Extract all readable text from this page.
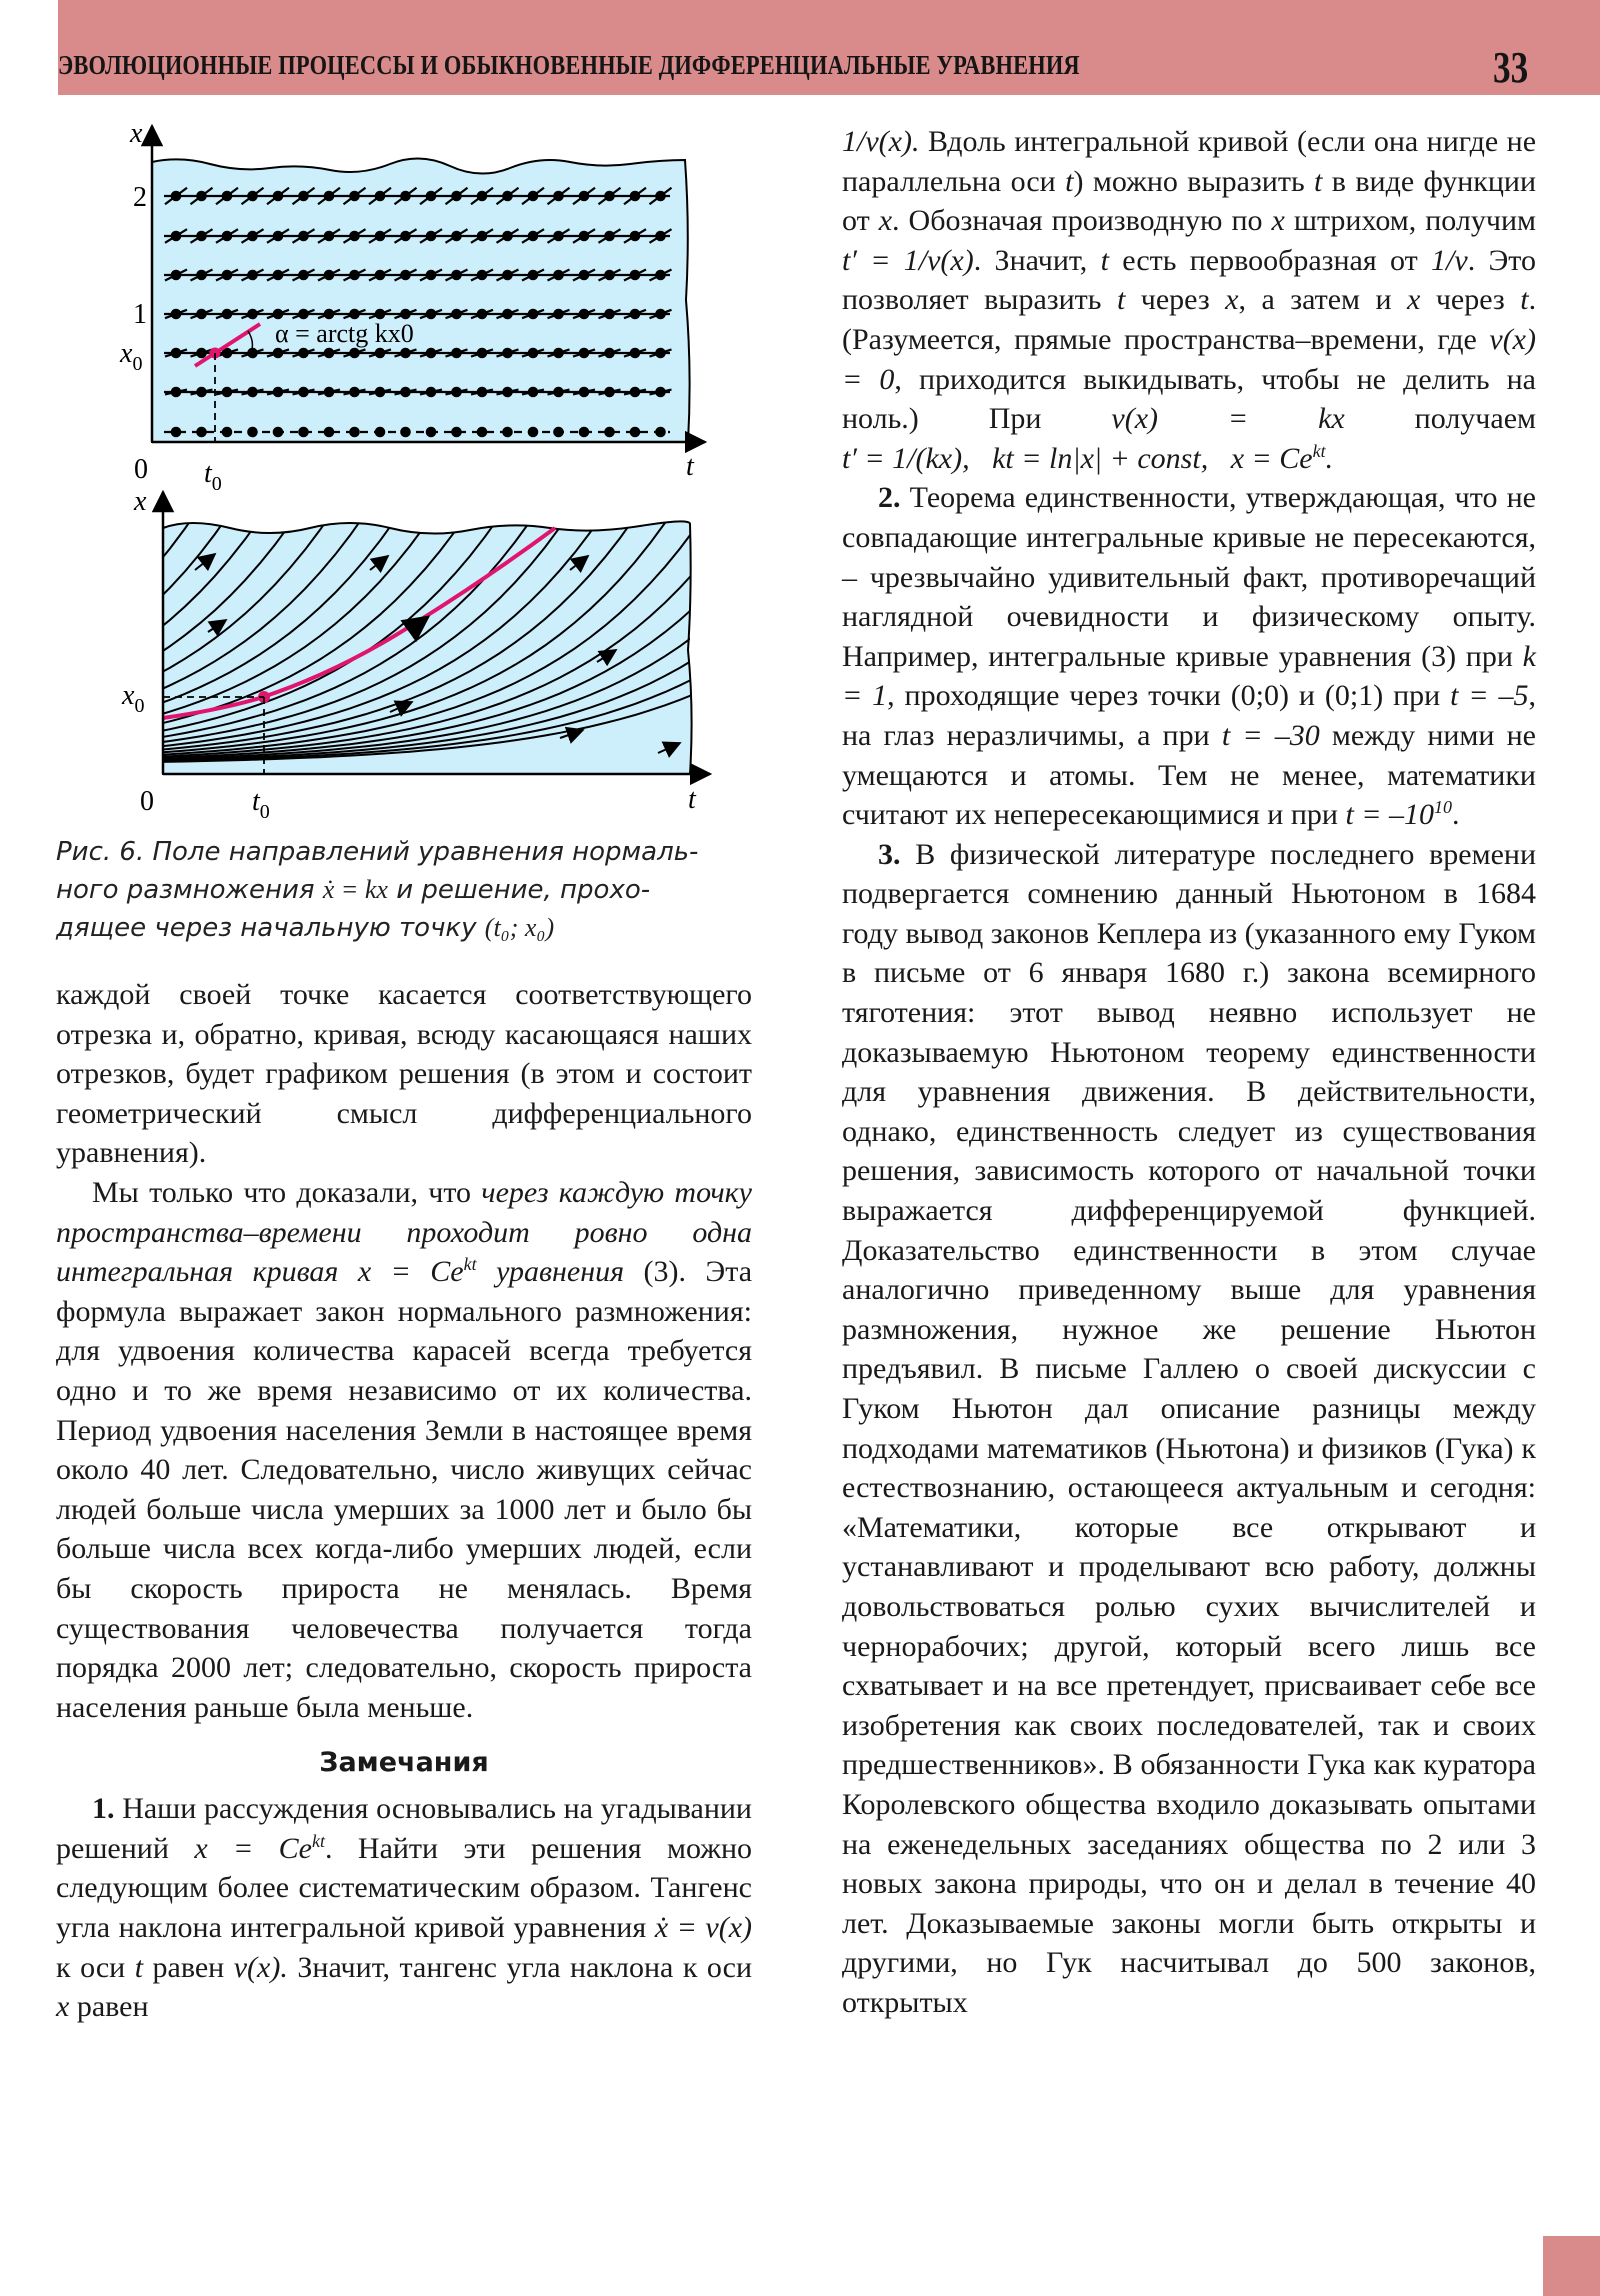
ЭВОЛЮЦИОННЫЕ ПРОЦЕССЫ И ОБЫКНОВЕННЫЕ ДИФФЕРЕНЦИАЛЬНЫЕ УРАВНЕНИЯ	33
α = arctg kx0
x
t
2
1
$x_0$
0 $t_0$
x
t
$x_0$
0	$t_0$
Рис. 6. Поле направлений уравнения нормаль-
ного размножения ẋ = kx и решение, прохо-
дящее через начальную точку (t₀; x₀)

каждой своей точке касается соответствующего отрезка и, обратно, кривая, всюду касающаяся наших отрезков, будет графиком решения (в этом и состоит геометрический смысл дифференциального уравнения).

Мы только что доказали, что через каждую точку пространства–времени проходит ровно одна интегральная кривая $x = Ce^{kt}$ уравнения (3). Эта формула выражает закон нормального размножения: для удвоения количества карасей всегда требуется одно и то же время независимо от их количества. Период удвоения населения Земли в настоящее время около 40 лет. Следовательно, число живущих сейчас людей больше числа умерших за 1000 лет и было бы больше числа всех когда-либо умерших людей, если бы скорость прироста не менялась. Время существования человечества получается тогда порядка 2000 лет; следовательно, скорость прироста населения раньше была меньше.

Замечания

1. Наши рассуждения основывались на угадывании решений $x = Ce^{kt}$. Найти эти решения можно следующим более систематическим образом. Тангенс угла наклона интегральной кривой уравнения ẋ = v(x) к оси t равен v(x). Значит, тангенс угла наклона к оси x равен

1/v(x). Вдоль интегральной кривой (если она нигде не параллельна оси t) можно выразить t в виде функции от x. Обозначая производную по x штрихом, получим t′ = 1/v(x). Значит, t есть первообразная от 1/v. Это позволяет выразить t через x, а затем и x через t. (Разумеется, прямые пространства–времени, где v(x) = 0, приходится выкидывать, чтобы не делить на ноль.) При v(x) = kx получаем t′ = 1/(kx),   kt = ln|x| + const,   $x = Ce^{kt}$.

2. Теорема единственности, утверждающая, что не совпадающие интегральные кривые не пересекаются, – чрезвычайно удивительный факт, противоречащий наглядной очевидности и физическому опыту. Например, интегральные кривые уравнения (3) при k = 1, проходящие через точки (0;0) и (0;1) при t = –5, на глаз неразличимы, а при t = –30 между ними не умещаются и атомы. Тем не менее, математики считают их непересекающимися и при $t = -10^{10}$.

3. В физической литературе последнего времени подвергается сомнению данный Ньютоном в 1684 году вывод законов Кеплера из (указанного ему Гуком в письме от 6 января 1680 г.) закона всемирного тяготения: этот вывод неявно использует не доказываемую Ньютоном теорему единственности для уравнения движения. В действительности, однако, единственность следует из существования решения, зависимость которого от начальной точки выражается дифференцируемой функцией. Доказательство единственности в этом случае аналогично приведенному выше для уравнения размножения, нужное же решение Ньютон предъявил. В письме Галлею о своей дискуссии с Гуком Ньютон дал описание разницы между подходами математиков (Ньютона) и физиков (Гука) к естествознанию, остающееся актуальным и сегодня: «Математики, которые все открывают и устанавливают и проделывают всю работу, должны довольствоваться ролью сухих вычислителей и чернорабочих; другой, который всего лишь все схватывает и на все претендует, присваивает себе все изобретения как своих последователей, так и своих предшественников». В обязанности Гука как куратора Королевского общества входило доказывать опытами на еженедельных заседаниях общества по 2 или 3 новых закона природы, что он и делал в течение 40 лет. Доказываемые законы могли быть открыты и другими, но Гук насчитывал до 500 законов, открытых
